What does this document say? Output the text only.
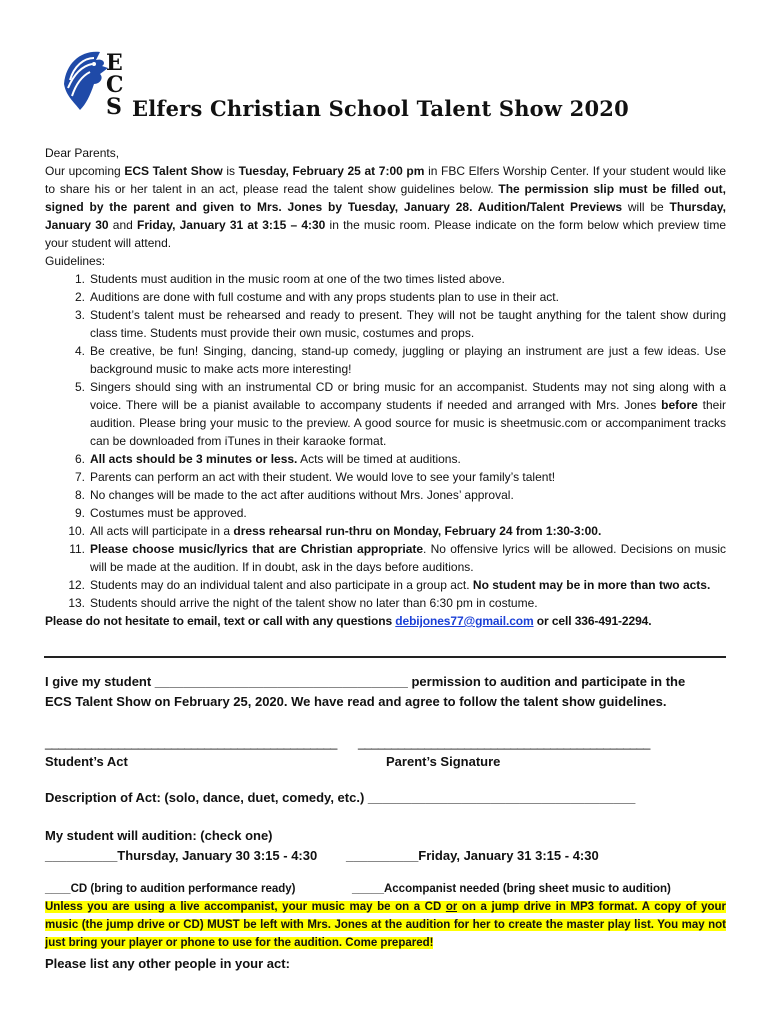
E
C
S Elfers Christian School Talent Show 2020

Dear Parents,

Our upcoming ECS Talent Show is Tuesday, February 25 at 7:00 pm in FBC Elfers Worship Center. If your student would like to share his or her talent in an act, please read the talent show guidelines below. The permission slip must be filled out, signed by the parent and given to Mrs. Jones by Tuesday, January 28. Audition/Talent Previews will be Thursday, January 30 and Friday, January 31 at 3:15 – 4:30 in the music room. Please indicate on the form below which preview time your student will attend.

Guidelines:

1. Students must audition in the music room at one of the two times listed above.
2. Auditions are done with full costume and with any props students plan to use in their act.
3. Student’s talent must be rehearsed and ready to present. They will not be taught anything for the talent show during class time. Students must provide their own music, costumes and props.
4. Be creative, be fun! Singing, dancing, stand-up comedy, juggling or playing an instrument are just a few ideas. Use background music to make acts more interesting!
5. Singers should sing with an instrumental CD or bring music for an accompanist. Students may not sing along with a voice. There will be a pianist available to accompany students if needed and arranged with Mrs. Jones before their audition. Please bring your music to the preview. A good source for music is sheetmusic.com or accompaniment tracks can be downloaded from iTunes in their karaoke format.
6. All acts should be 3 minutes or less. Acts will be timed at auditions.
7. Parents can perform an act with their student. We would love to see your family’s talent!
8. No changes will be made to the act after auditions without Mrs. Jones’ approval.
9. Costumes must be approved.
10. All acts will participate in a dress rehearsal run-thru on Monday, February 24 from 1:30-3:00.
11. Please choose music/lyrics that are Christian appropriate. No offensive lyrics will be allowed. Decisions on music will be made at the audition. If in doubt, ask in the days before auditions.
12. Students may do an individual talent and also participate in a group act. No student may be in more than two acts.
13. Students should arrive the night of the talent show no later than 6:30 pm in costume.

Please do not hesitate to email, text or call with any questions debijones77@gmail.com or cell 336-491-2294.

I give my student ___________________________________ permission to audition and participate in the
ECS Talent Show on February 25, 2020. We have read and agree to follow the talent show guidelines.
____________________________________________ ____________________________________________
Student’s Act	Parent’s Signature
Description of Act: (solo, dance, duet, comedy, etc.) _____________________________________
My student will audition: (check one)
__________Thursday, January 30 3:15 - 4:30 __________Friday, January 31 3:15 - 4:30
____CD (bring to audition performance ready)	_____Accompanist needed (bring sheet music to audition)
Unless you are using a live accompanist, your music may be on a CD or on a jump drive in MP3 format. A copy of your music (the jump drive or CD) MUST be left with Mrs. Jones at the audition for her to create the master play list. You may not just bring your player or phone to use for the audition. Come prepared!
Please list any other people in your act:
